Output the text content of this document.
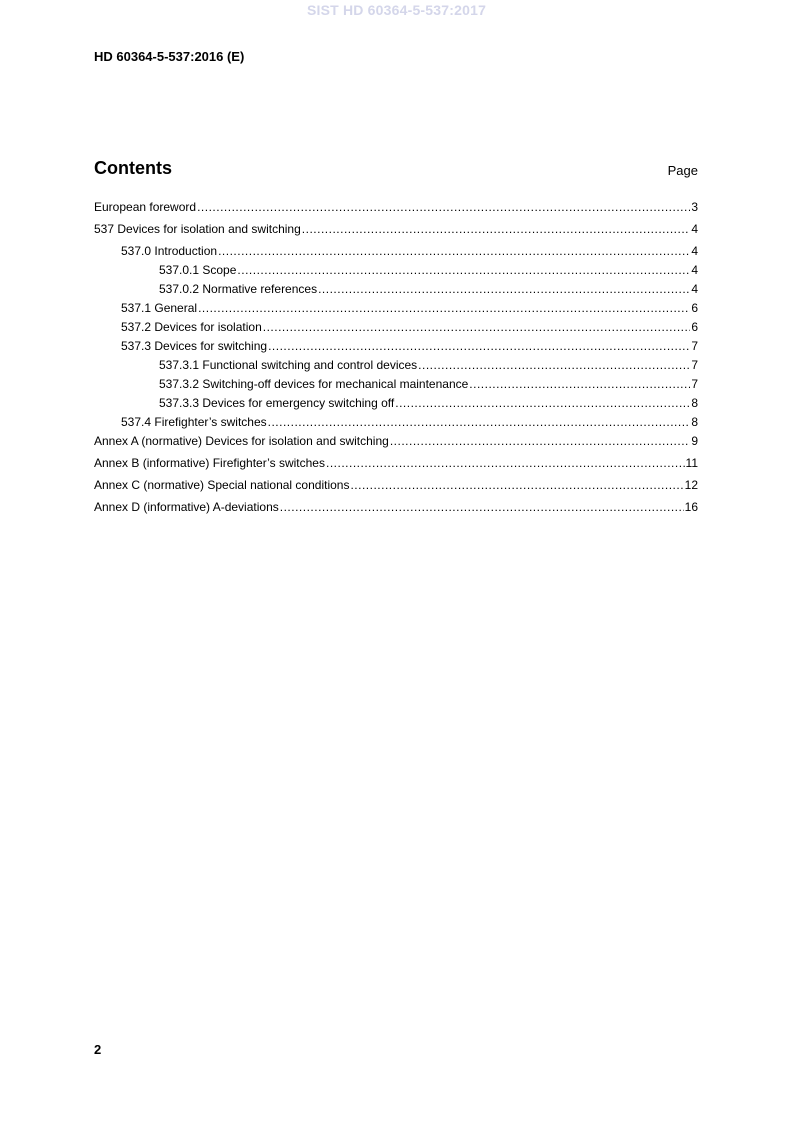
SIST HD 60364-5-537:2017
HD 60364-5-537:2016 (E)
Contents	Page
European foreword .....	3
537 Devices for isolation and switching .....	4
537.0 Introduction .....	4
537.0.1 Scope .....	4
537.0.2 Normative references .....	4
537.1 General .....	6
537.2 Devices for isolation .....	6
537.3 Devices for switching .....	7
537.3.1 Functional switching and control devices .....	7
537.3.2 Switching-off devices for mechanical maintenance .....	7
537.3.3 Devices for emergency switching off .....	8
537.4 Firefighter’s switches .....	8
Annex A (normative) Devices for isolation and switching .....	9
Annex B (informative) Firefighter’s switches .....	11
Annex C (normative) Special national conditions .....	12
Annex D (informative) A-deviations .....	16
2
